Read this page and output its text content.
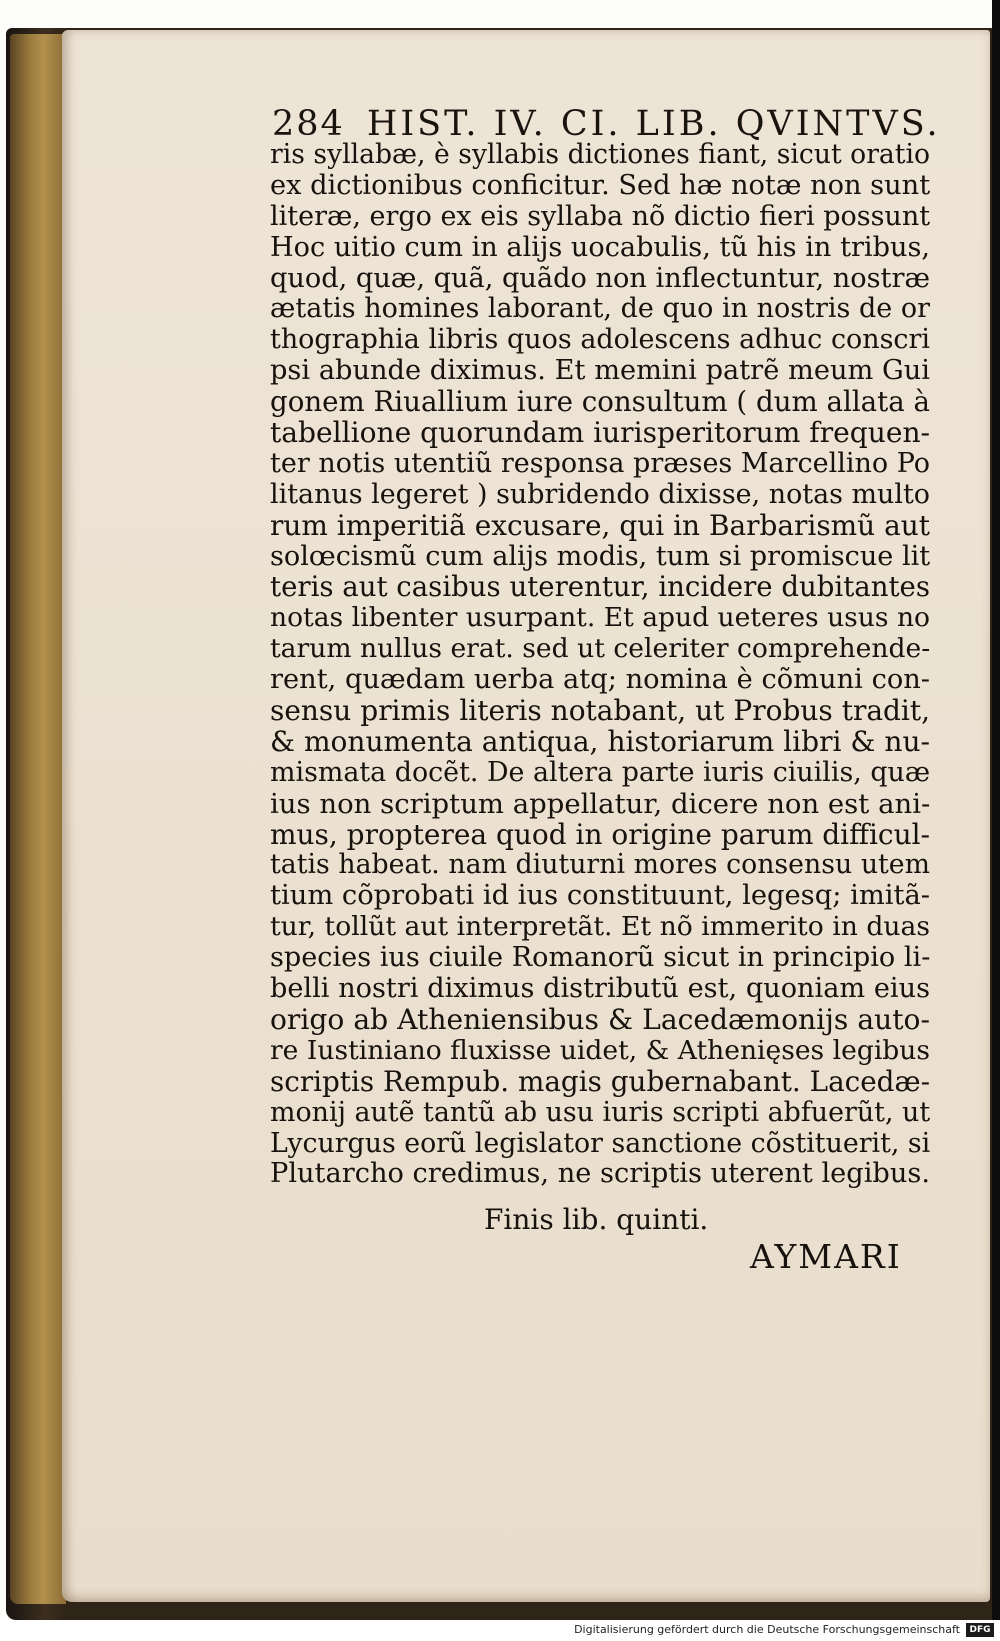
284 HIST. IV. CI. LIB. QVINTVS.
ris syllabæ, è syllabis dictiones fiant, sicut oratio
ex dictionibus conficitur. Sed hæ notæ non sunt
literæ, ergo ex eis syllaba nõ dictio fieri possunt
Hoc uitio cum in alijs uocabulis, tũ his in tribus,
quod, quæ, quã, quãdo non inflectuntur, nostræ
ætatis homines laborant, de quo in nostris de or
thographia libris quos adolescens adhuc conscri
psi abunde diximus. Et memini patrẽ meum Gui
gonem Riuallium iure consultum ( dum allata à
tabellione quorundam iurisperitorum frequen-
ter notis utentiũ responsa præses Marcellino Po
litanus legeret ) subridendo dixisse, notas multo
rum imperitiã excusare, qui in Barbarismũ aut
solœcismũ cum alijs modis, tum si promiscue lit
teris aut casibus uterentur, incidere dubitantes
notas libenter usurpant. Et apud ueteres usus no
tarum nullus erat. sed ut celeriter comprehende-
rent, quædam uerba atq; nomina è cõmuni con-
sensu primis literis notabant, ut Probus tradit,
& monumenta antiqua, historiarum libri & nu-
mismata docẽt. De altera parte iuris ciuilis, quæ
ius non scriptum appellatur, dicere non est ani-
mus, propterea quod in origine parum difficul-
tatis habeat. nam diuturni mores consensu utem
tium cõprobati id ius constituunt, legesq; imitã-
tur, tollũt aut interpretãt. Et nõ immerito in duas
species ius ciuile Romanorũ sicut in principio li-
belli nostri diximus distributũ est, quoniam eius
origo ab Atheniensibus & Lacedæmonijs auto-
re Iustiniano fluxisse uidet, & Athenięses legibus
scriptis Rempub. magis gubernabant. Lacedæ-
monij autẽ tantũ ab usu iuris scripti abfuerũt, ut
Lycurgus eorũ legislator sanctione cõstituerit, si
Plutarcho credimus, ne scriptis uterent legibus.
Finis lib. quinti.
AYMARI
Digitalisierung gefördert durch die Deutsche Forschungsgemeinschaft	DFG
